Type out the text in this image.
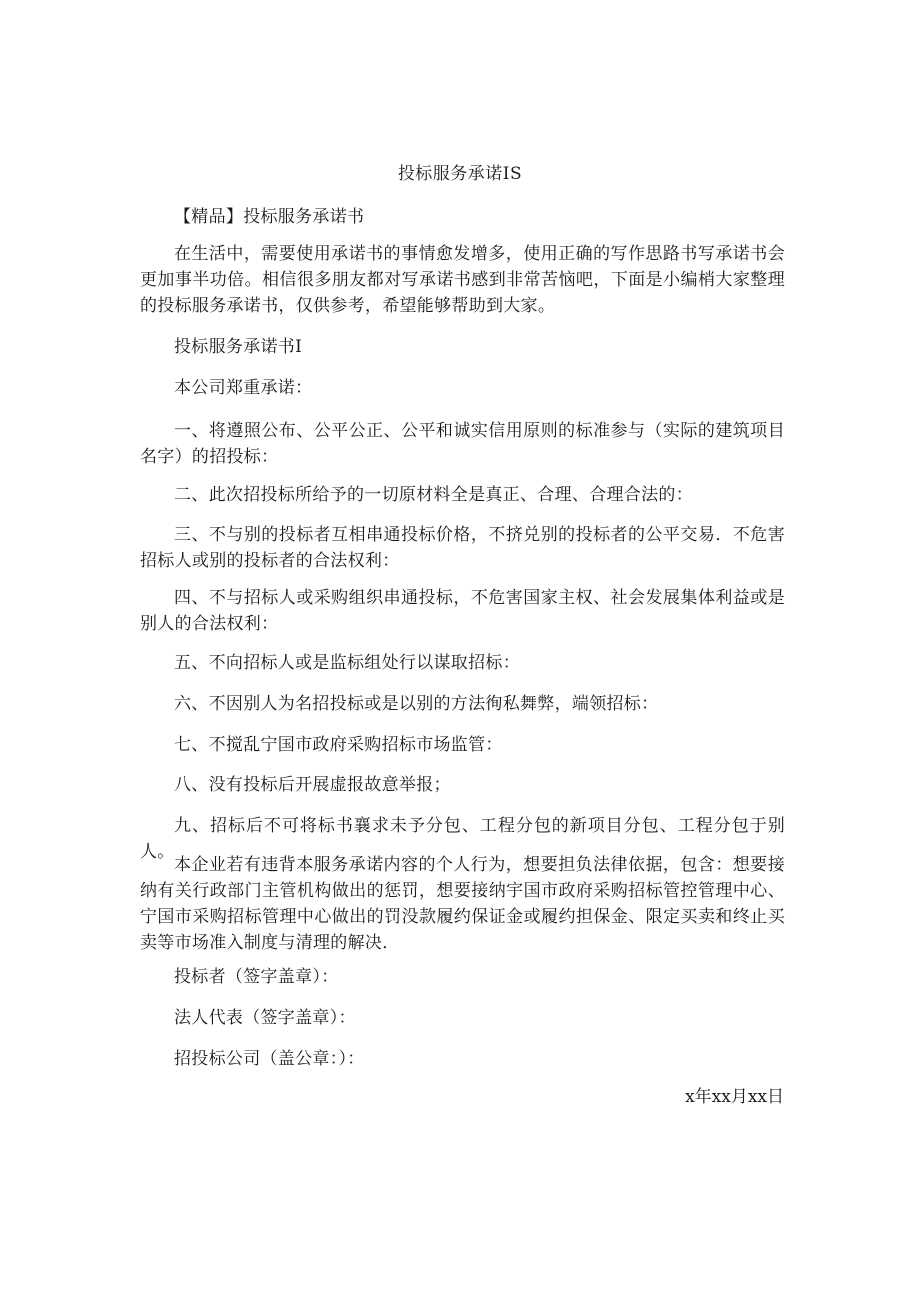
投标服务承诺IS

【精品】投标服务承诺书

在生活中，需要使用承诺书的事情愈发增多，使用正确的写作思路书写承诺书会更加事半功倍。相信很多朋友都对写承诺书感到非常苦恼吧，下面是小编梢大家整理的投标服务承诺书，仅供参考，希望能够帮助到大家。

投标服务承诺书I

本公司郑重承诺：

一、将遵照公布、公平公正、公平和诚实信用原则的标准参与（实际的建筑项目名字）的招投标：

二、此次招投标所给予的一切原材料全是真正、合理、合理合法的：

三、不与别的投标者互相串通投标价格，不挤兑别的投标者的公平交易．不危害招标人或别的投标者的合法权利：

四、不与招标人或采购组织串通投标，不危害国家主权、社会发展集体利益或是别人的合法权利：

五、不向招标人或是监标组处行以谋取招标：

六、不因别人为名招投标或是以别的方法徇私舞弊，端领招标：

七、不搅乱宁国市政府采购招标市场监管：

八、没有投标后开展虚报故意举报；

九、招标后不可将标书襄求未予分包、工程分包的新项目分包、工程分包于别人。

本企业若有违背本服务承诺内容的个人行为，想要担负法律依据，包含：想要接纳有关行政部门主管机构做出的惩罚，想要接纳宇国市政府采购招标管控管理中心、宁国市采购招标管理中心做出的罚没款履约保证金或履约担保金、限定买卖和终止买卖等市场准入制度与清理的解决．

投标者（签字盖章）：

法人代表（签字盖章）：

招投标公司（盖公章：）：

x年xx月xx日
